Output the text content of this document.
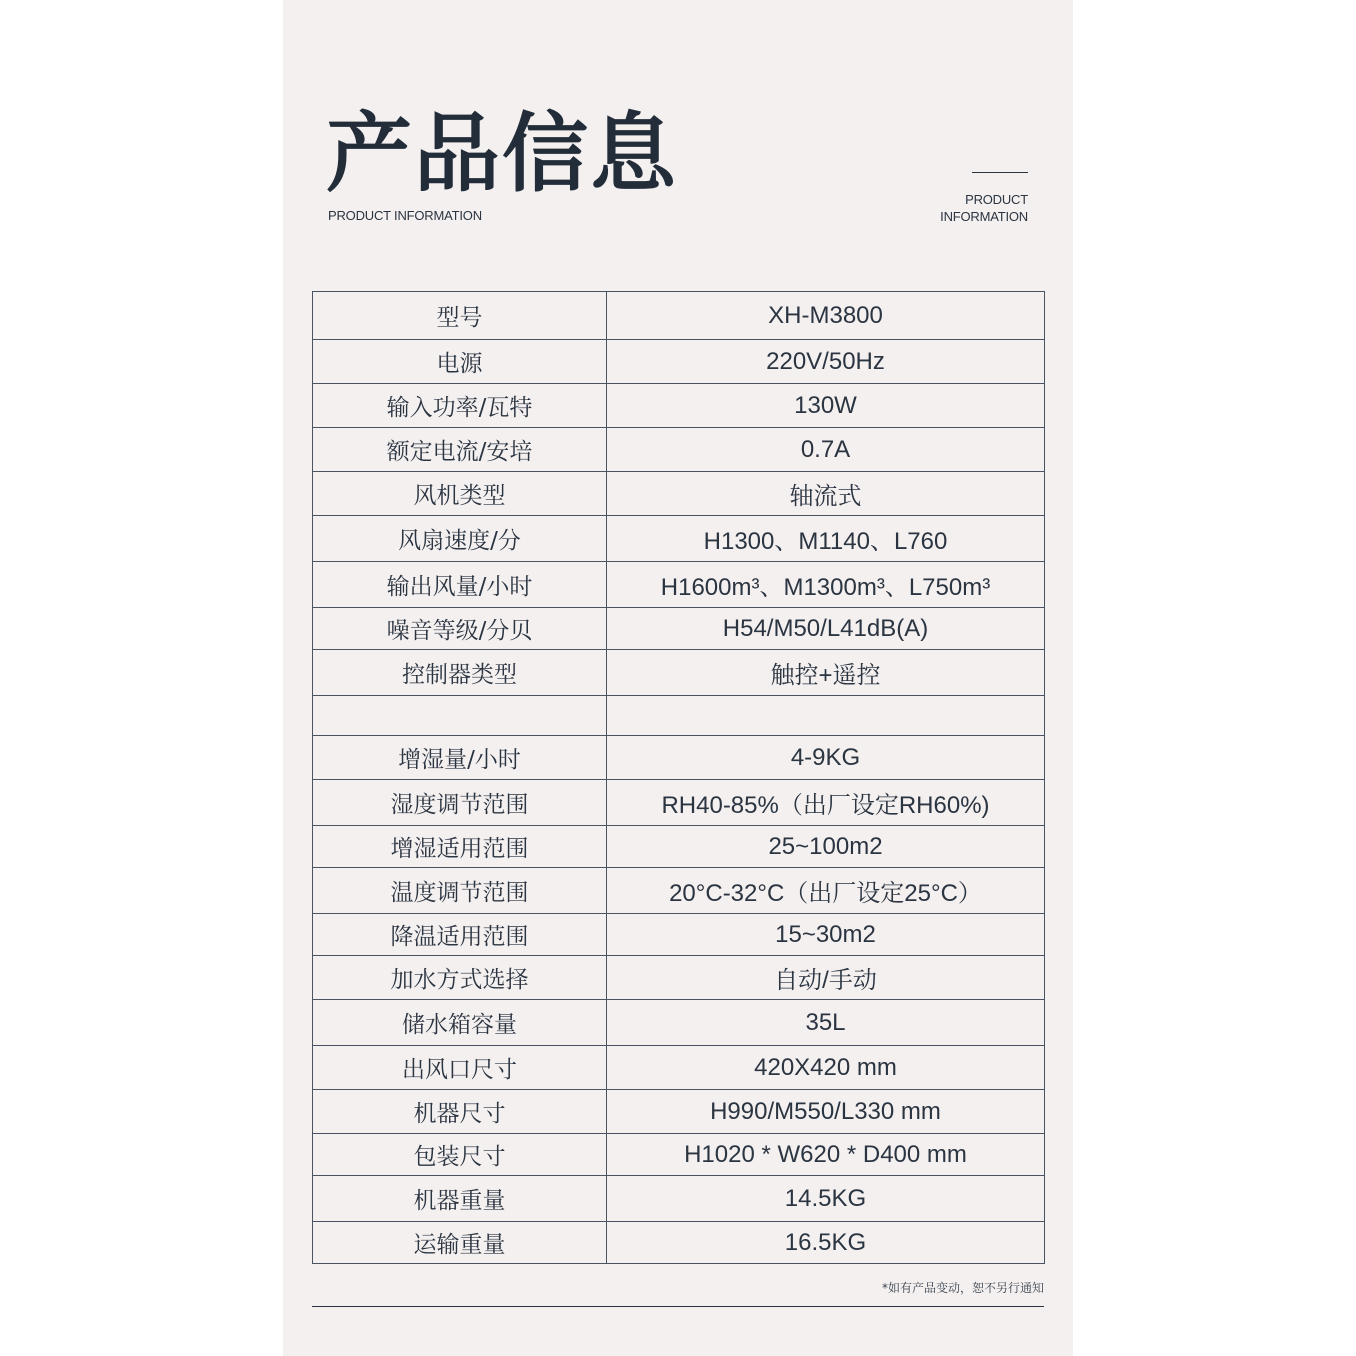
产品信息
PRODUCT INFORMATION
PRODUCT
INFORMATION
型号	XH-M3800
电源	220V/50Hz
输入功率/瓦特	130W
额定电流/安培	0.7A
风机类型	轴流式
风扇速度/分	H1300、M1140、L760
输出风量/小时	H1600m³、M1300m³、L750m³
噪音等级/分贝	H54/M50/L41dB(A)
控制器类型	触控+遥控

增湿量/小时	4-9KG
湿度调节范围	RH40-85%（出厂设定RH60%)
增湿适用范围	25~100m2
温度调节范围	20°C-32°C（出厂设定25°C）
降温适用范围	15~30m2
加水方式选择	自动/手动
储水箱容量	35L
出风口尺寸	420X420 mm
机器尺寸	H990/M550/L330 mm
包装尺寸	H1020 * W620 * D400 mm
机器重量	14.5KG
运输重量	16.5KG
*如有产品变动，恕不另行通知
